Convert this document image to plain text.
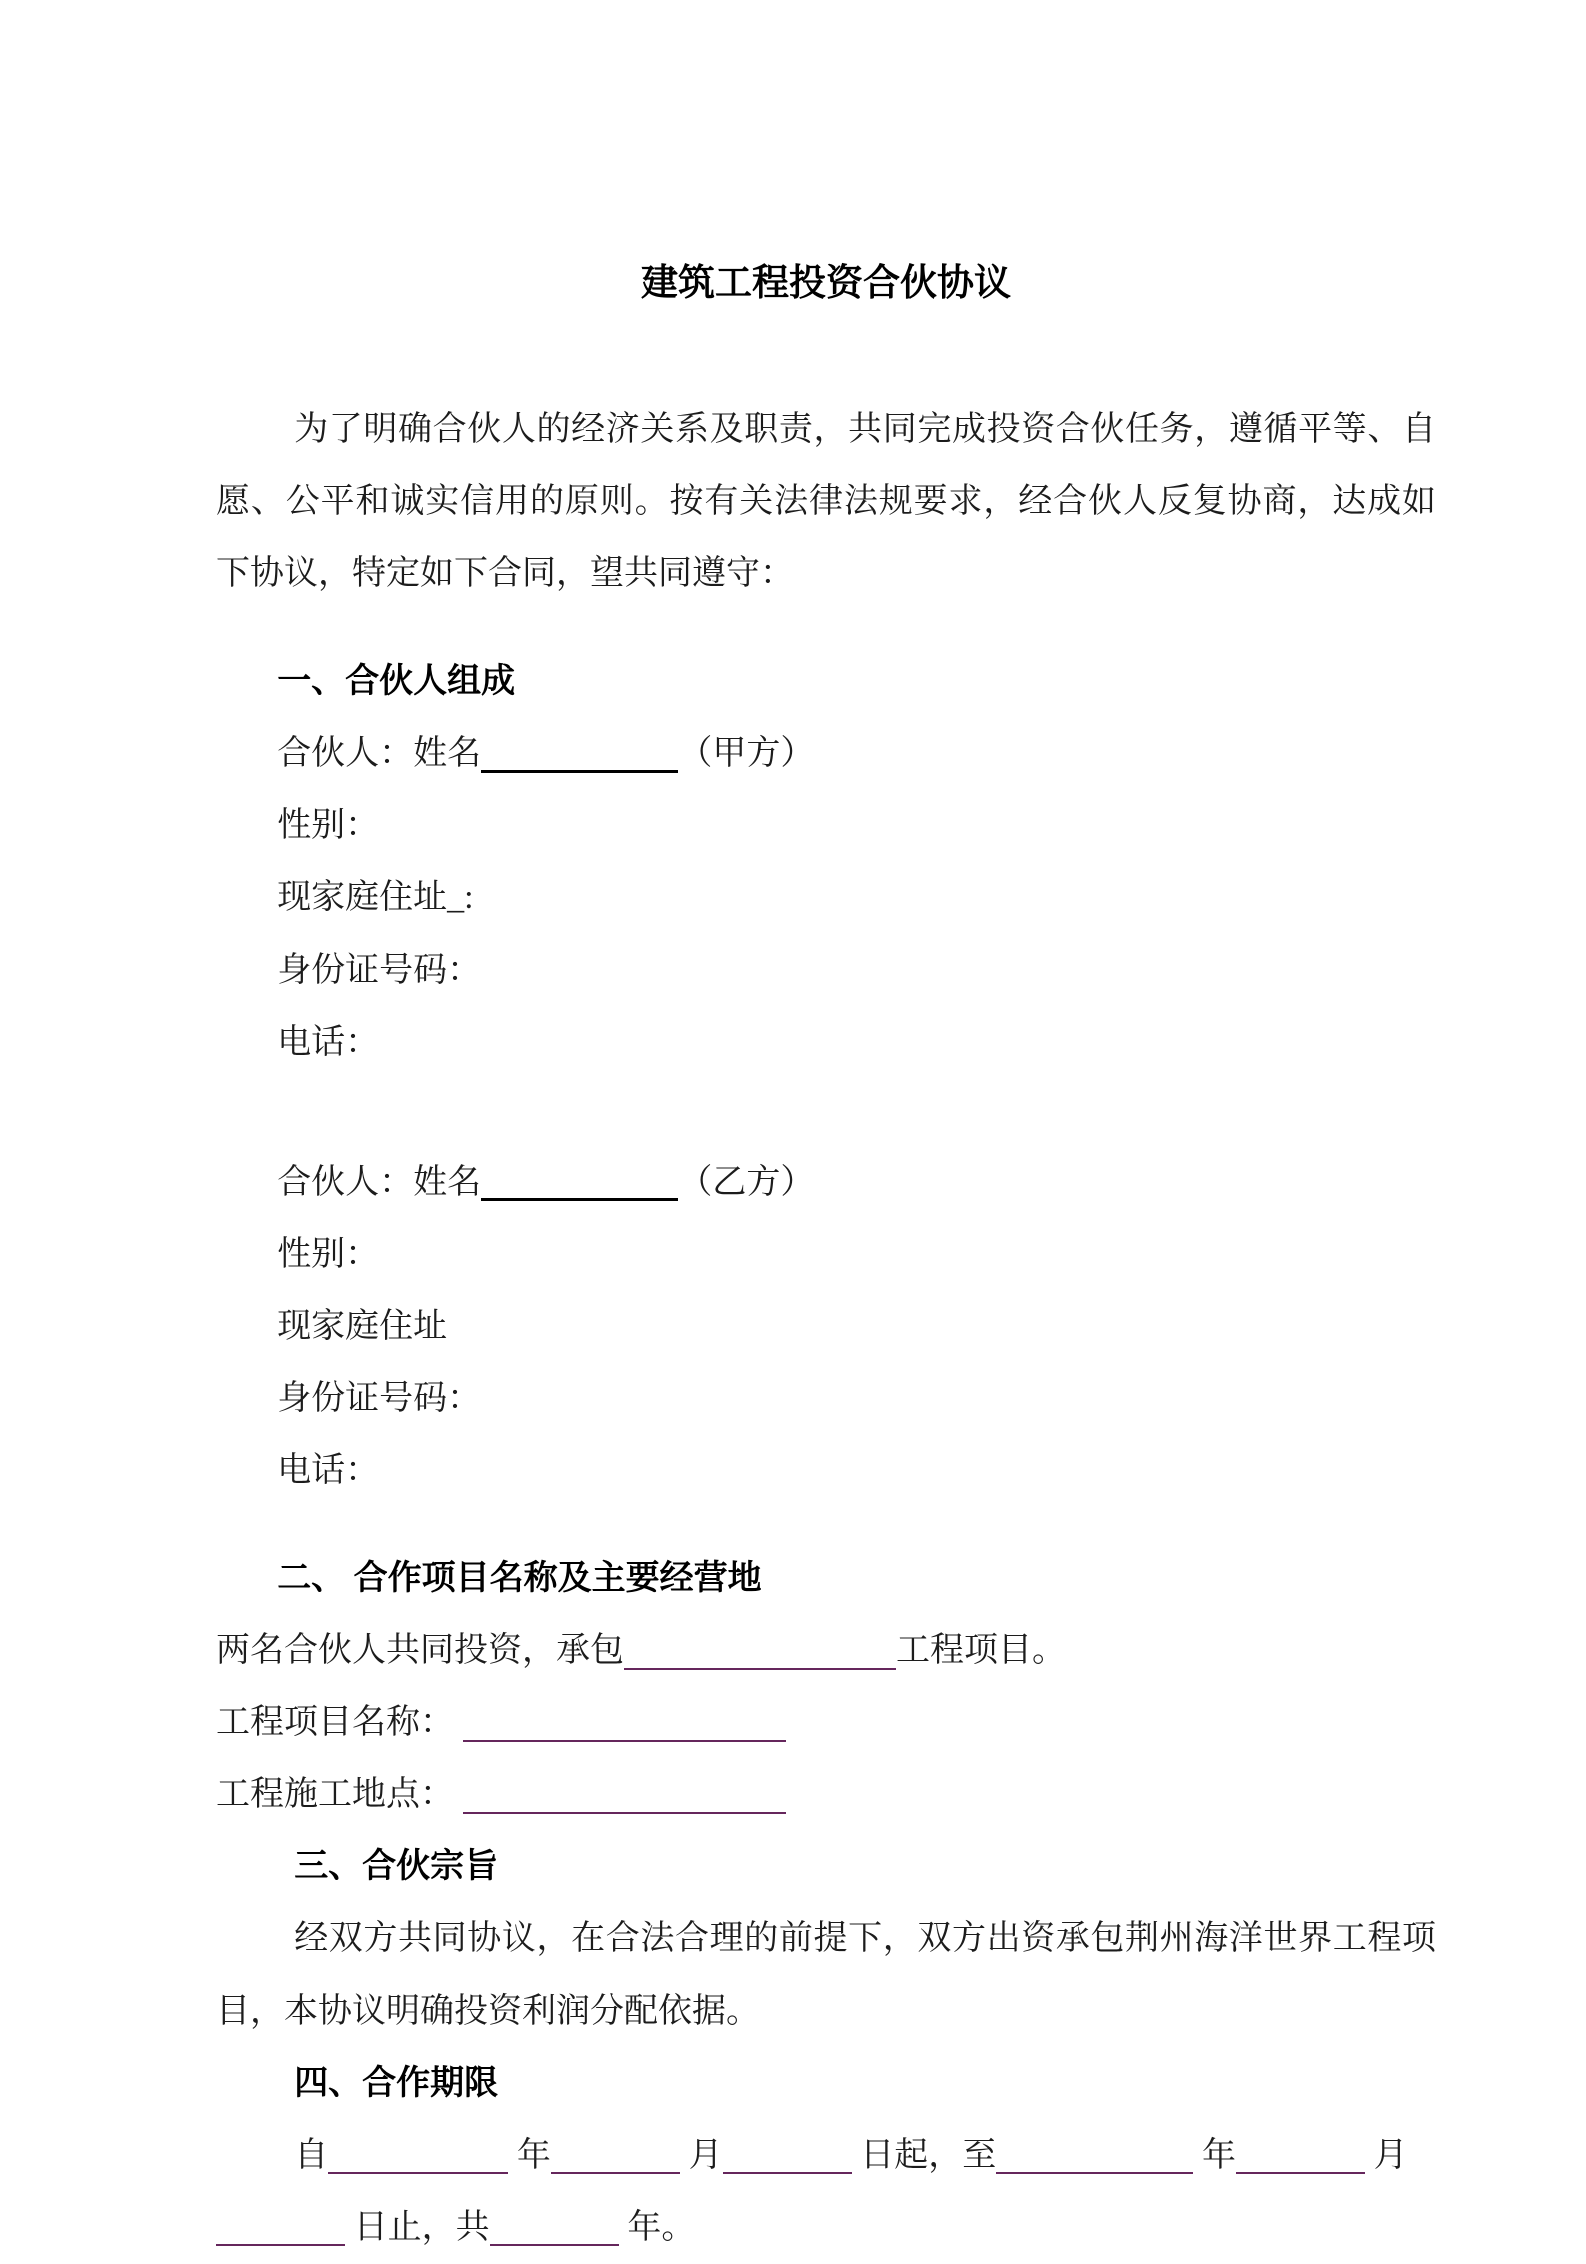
建筑工程投资合伙协议

为了明确合伙人的经济关系及职责，共同完成投资合伙任务，遵循平等、自愿、公平和诚实信用的原则。按有关法律法规要求，经合伙人反复协商，达成如下协议，特定如下合同，望共同遵守：

一、合伙人组成

合伙人：姓名	（甲方）

性别：

现家庭住址_:

身份证号码：

电话：

合伙人：姓名	（乙方）

性别：

现家庭住址

身份证号码：

电话：

二、 合作项目名称及主要经营地

两名合伙人共同投资，承包	工程项目。

工程项目名称：

工程施工地点：

三、合伙宗旨

经双方共同协议，在合法合理的前提下，双方出资承包荆州海洋世界工程项目，本协议明确投资利润分配依据。

四、合作期限

自	年	月	日起，至	年	月 日止，共	年。
